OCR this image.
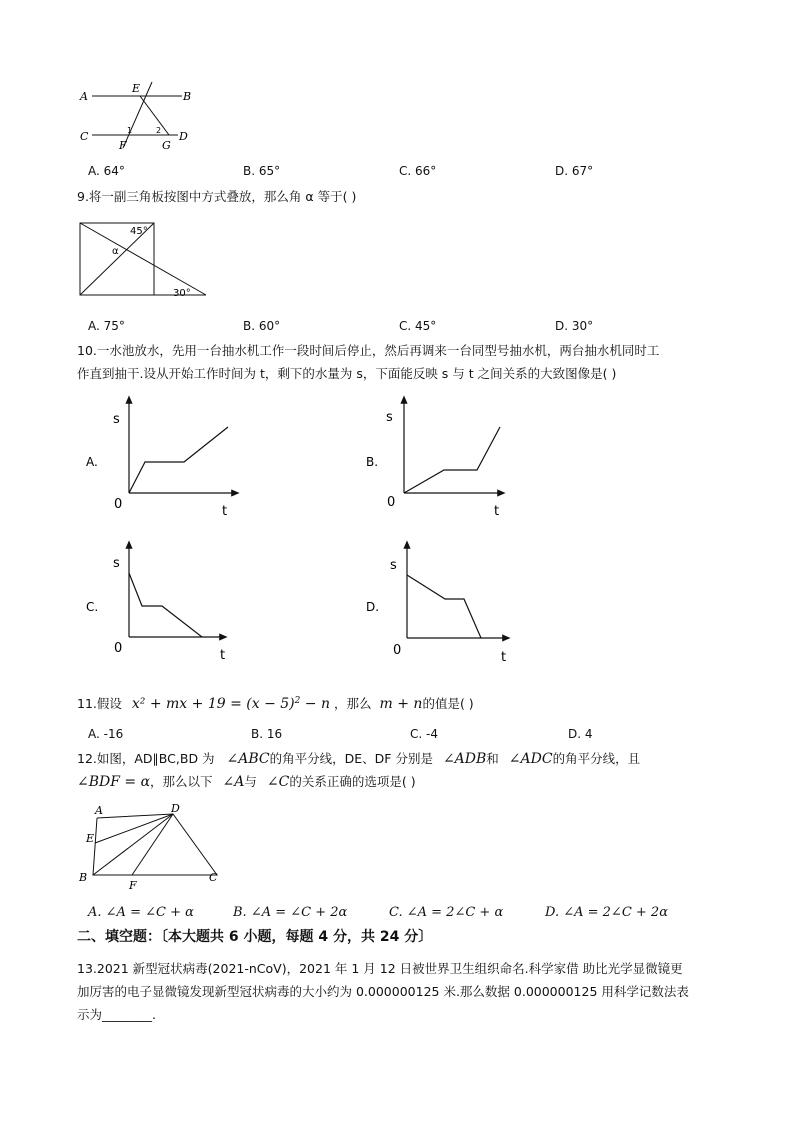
A
E
B
C	1
F
2
G
D
A. 64°	B. 65°	C. 66°	D. 67°
9.将一副三角板按图中方式叠放，那么角 α 等于( )
45°
α
30°
A. 75°	B. 60°	C. 45°	D. 30°
10.一水池放水，先用一台抽水机工作一段时间后停止，然后再调来一台同型号抽水机，两台抽水机同时工
作直到抽干.设从开始工作时间为 t，剩下的水量为 s，下面能反映 s 与 t 之间关系的大致图像是( )
A.
s
0	t
B.
s
0
t
C.
s
0	t
D.
s
0	t
11.假设 x² + mx + $19 = (x - 5)^2 - n$ ，那么 m + n的值是( )
A. -16	B. 16	C. -4	D. 4
12.如图，AD∥BC,BD 为 ∠ABC的角平分线，DE、DF 分别是 ∠ADB和 ∠ADC的角平分线，且
∠BDF = α，那么以下 ∠A与 ∠C的关系正确的选项是( )
A	D
E
B
F
C
A. ∠A = ∠C + α	B. ∠A = ∠C + 2α	C. ∠A = 2∠C + α	D. ∠A = 2∠C + 2α
二、填空题：〔本大题共 6 小题，每题 4 分，共 24 分〕
13.2021 新型冠状病毒(2021-nCoV)，2021 年 1 月 12 日被世界卫生组织命名.科学家借 助比光学显微镜更
加厉害的电子显微镜发现新型冠状病毒的大小约为 0.000000125 米.那么数据 0.000000125 用科学记数法表
示为________.
